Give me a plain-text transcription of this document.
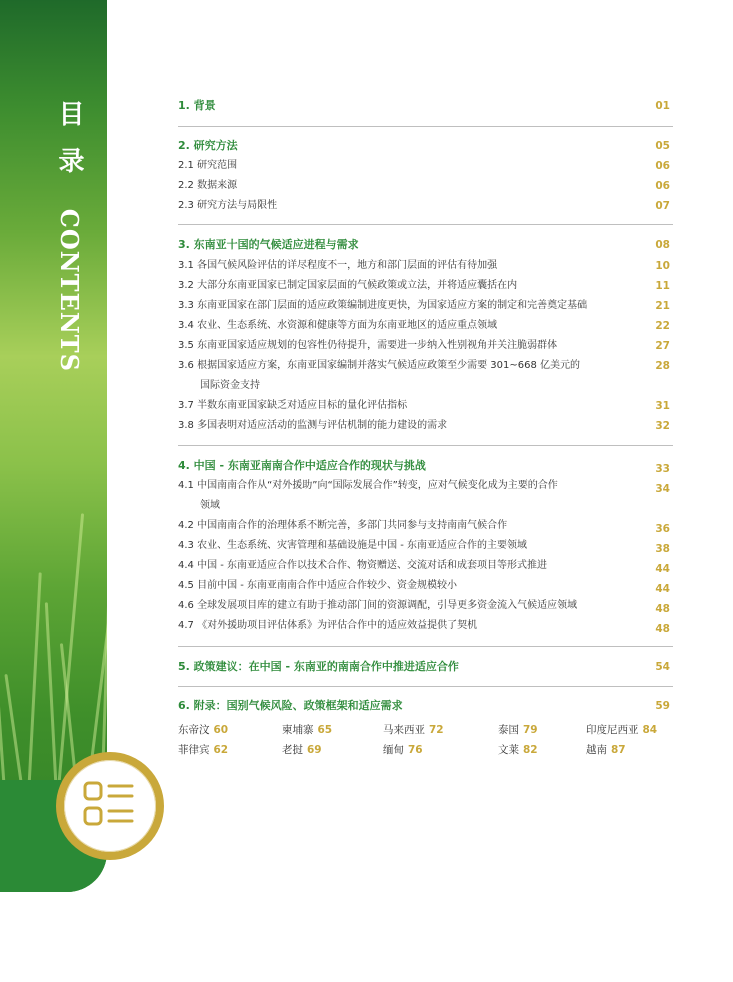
目 录 CONTENTS
1. 背景	01
2. 研究方法	05
2.1 研究范围	06
2.2 数据来源	06
2.3 研究方法与局限性	07
3. 东南亚十国的气候适应进程与需求	08
3.1 各国气候风险评估的详尽程度不一，地方和部门层面的评估有待加强	10
3.2 大部分东南亚国家已制定国家层面的气候政策或立法，并将适应囊括在内	11
3.3 东南亚国家在部门层面的适应政策编制进度更快，为国家适应方案的制定和完善奠定基础	21
3.4 农业、生态系统、水资源和健康等方面为东南亚地区的适应重点领域	22
3.5 东南亚国家适应规划的包容性仍待提升，需要进一步纳入性别视角并关注脆弱群体	27
3.6 根据国家适应方案，东南亚国家编制并落实气候适应政策至少需要 301~668 亿美元的	28
国际资金支持
3.7 半数东南亚国家缺乏对适应目标的量化评估指标	31
3.8 多国表明对适应活动的监测与评估机制的能力建设的需求	32
4. 中国 - 东南亚南南合作中适应合作的现状与挑战	33
4.1 中国南南合作从“对外援助”向“国际发展合作”转变，应对气候变化成为主要的合作	34
领域
4.2 中国南南合作的治理体系不断完善，多部门共同参与支持南南气候合作	36
4.3 农业、生态系统、灾害管理和基础设施是中国 - 东南亚适应合作的主要领域	38
4.4 中国 - 东南亚适应合作以技术合作、物资赠送、交流对话和成套项目等形式推进	44
4.5 目前中国 - 东南亚南南合作中适应合作较少、资金规模较小	44
4.6 全球发展项目库的建立有助于推动部门间的资源调配，引导更多资金流入气候适应领域	48
4.7 《对外援助项目评估体系》为评估合作中的适应效益提供了契机	48
5. 政策建议：在中国 - 东南亚的南南合作中推进适应合作	54
6. 附录：国别气候风险、政策框架和适应需求	59
东帝汶 60	柬埔寨 65	马来西亚 72	泰国 79	印度尼西亚 84
菲律宾 62	老挝 69	缅甸 76	文莱 82	越南 87
